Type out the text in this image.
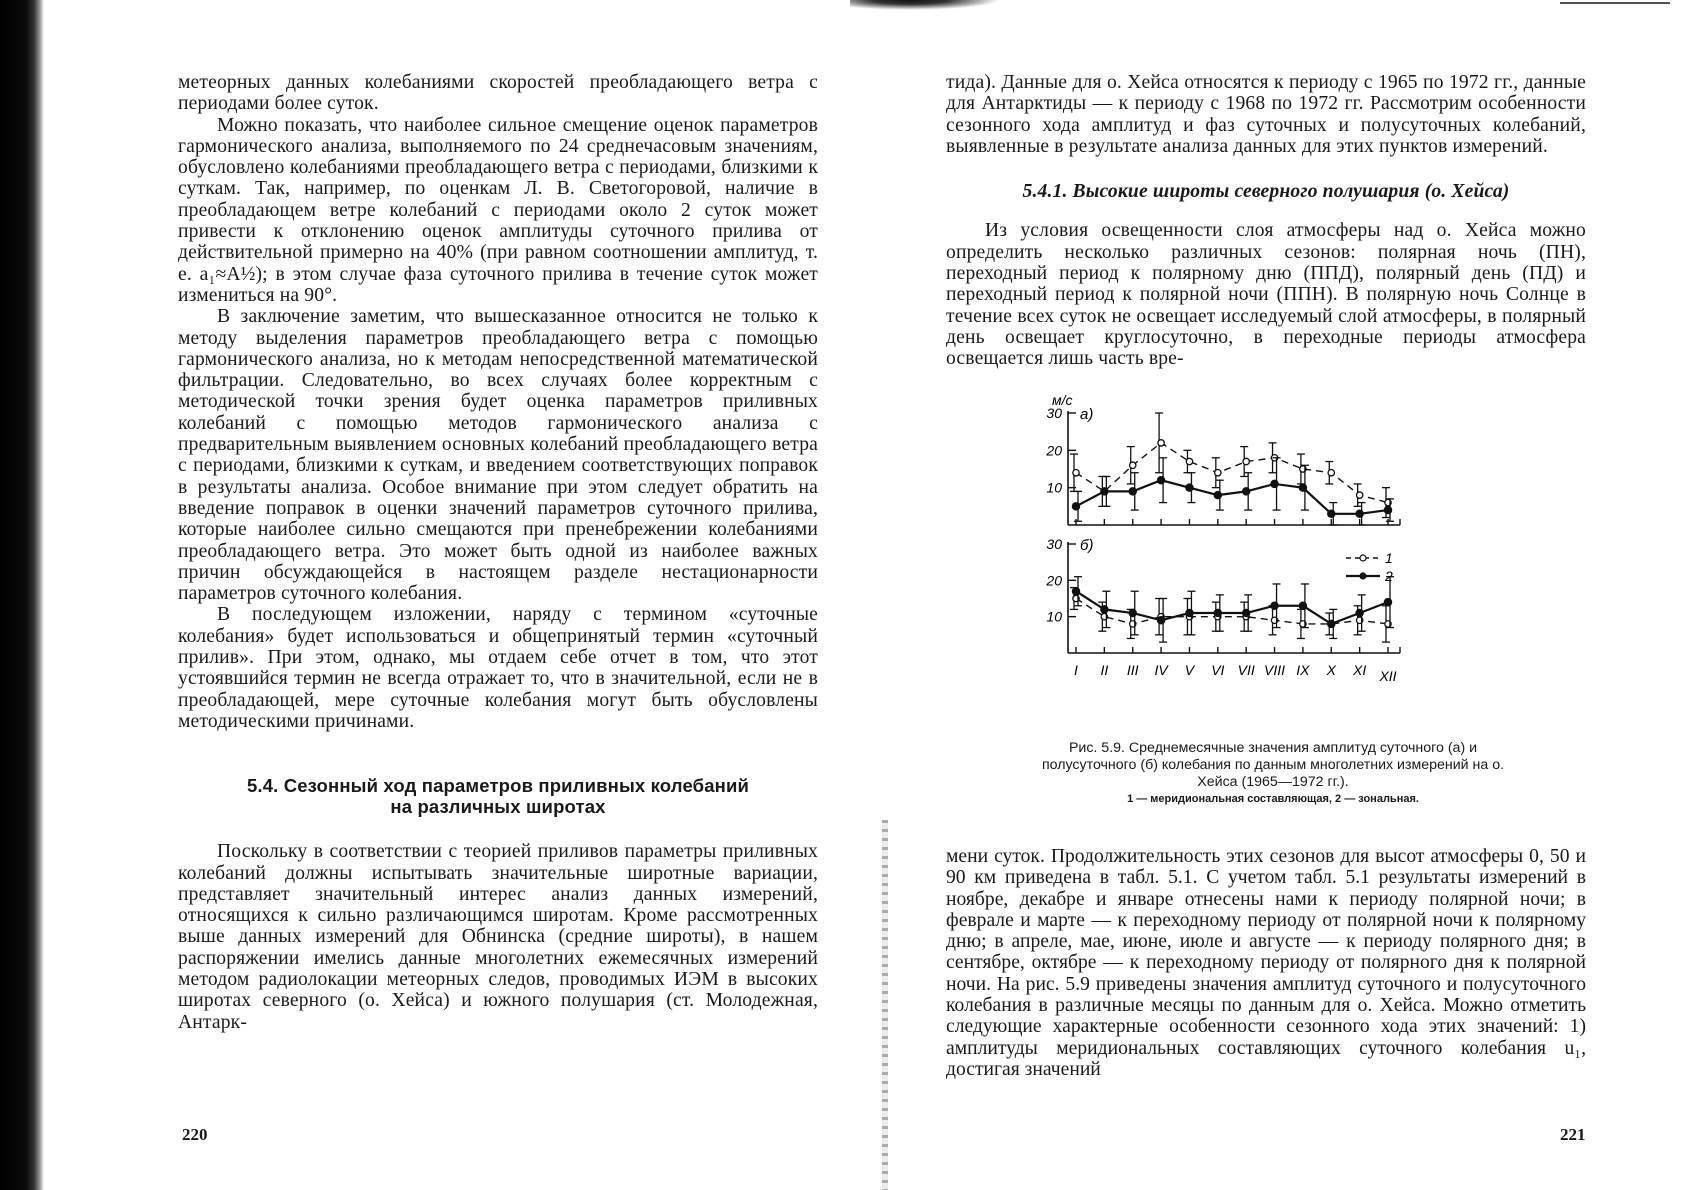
метеорных данных колебаниями скоростей преобладающего ветра с периодами более суток.

Можно показать, что наиболее сильное смещение оценок параметров гармонического анализа, выполняемого по 24 среднечасовым значениям, обусловлено колебаниями преобладающего ветра с периодами, близкими к суткам. Так, например, по оценкам Л. В. Светогоровой, наличие в преобладающем ветре колебаний с периодами около 2 суток может привести к отклонению оценок амплитуды суточного прилива от действительной примерно на 40% (при равном соотношении амплитуд, т. е. a₁≈A½); в этом случае фаза суточного прилива в течение суток может измениться на 90°.

В заключение заметим, что вышесказанное относится не только к методу выделения параметров преобладающего ветра с помощью гармонического анализа, но к методам непосредственной математической фильтрации. Следовательно, во всех случаях более корректным с методической точки зрения будет оценка параметров приливных колебаний с помощью методов гармонического анализа с предварительным выявлением основных колебаний преобладающего ветра с периодами, близкими к суткам, и введением соответствующих поправок в результаты анализа. Особое внимание при этом следует обратить на введение поправок в оценки значений параметров суточного прилива, которые наиболее сильно смещаются при пренебрежении колебаниями преобладающего ветра. Это может быть одной из наиболее важных причин обсуждающейся в настоящем разделе нестационарности параметров суточного колебания.

В последующем изложении, наряду с термином «суточные колебания» будет использоваться и общепринятый термин «суточный прилив». При этом, однако, мы отдаем себе отчет в том, что этот устоявшийся термин не всегда отражает то, что в значительной, если не в преобладающей, мере суточные колебания могут быть обусловлены методическими причинами.

5.4. Сезонный ход параметров приливных колебаний
на различных широтах

Поскольку в соответствии с теорией приливов параметры приливных колебаний должны испытывать значительные широтные вариации, представляет значительный интерес анализ данных измерений, относящихся к сильно различающимся широтам. Кроме рассмотренных выше данных измерений для Обнинска (средние широты), в нашем распоряжении имелись данные многолетних ежемесячных измерений методом радиолокации метеорных следов, проводимых ИЭМ в высоких широтах северного (о. Хейса) и южного полушария (ст. Молодежная, Антарк-

220

тида). Данные для о. Хейса относятся к периоду с 1965 по 1972 гг., данные для Антарктиды — к периоду с 1968 по 1972 гг. Рассмотрим особенности сезонного хода амплитуд и фаз суточных и полусуточных колебаний, выявленные в результате анализа данных для этих пунктов измерений.

5.4.1. Высокие широты северного полушария (о. Хейса)

Из условия освещенности слоя атмосферы над о. Хейса можно определить несколько различных сезонов: полярная ночь (ПН), переходный период к полярному дню (ППД), полярный день (ПД) и переходный период к полярной ночи (ППН). В полярную ночь Солнце в течение всех суток не освещает исследуемый слой атмосферы, в полярный день освещает круглосуточно, в переходные периоды атмосфера освещается лишь часть вре-

10
20
30 а)
м/с
10
20
30 б)
I II III IV V VI VII VIII IX X XI XII
1
2
Рис. 5.9. Среднемесячные значения амплитуд суточного (а) и полусуточного (б) колебания по данным многолетних измерений на о. Хейса (1965—1972 гг.).
1 — меридиональная составляющая, 2 — зональная.

мени суток. Продолжительность этих сезонов для высот атмосферы 0, 50 и 90 км приведена в табл. 5.1. С учетом табл. 5.1 результаты измерений в ноябре, декабре и январе отнесены нами к периоду полярной ночи; в феврале и марте — к переходному периоду от полярной ночи к полярному дню; в апреле, мае, июне, июле и августе — к периоду полярного дня; в сентябре, октябре — к переходному периоду от полярного дня к полярной ночи. На рис. 5.9 приведены значения амплитуд суточного и полусуточного колебания в различные месяцы по данным для о. Хейса. Можно отметить следующие характерные особенности сезонного хода этих значений: 1) амплитуды меридиональных составляющих суточного колебания u₁, достигая значений

221
